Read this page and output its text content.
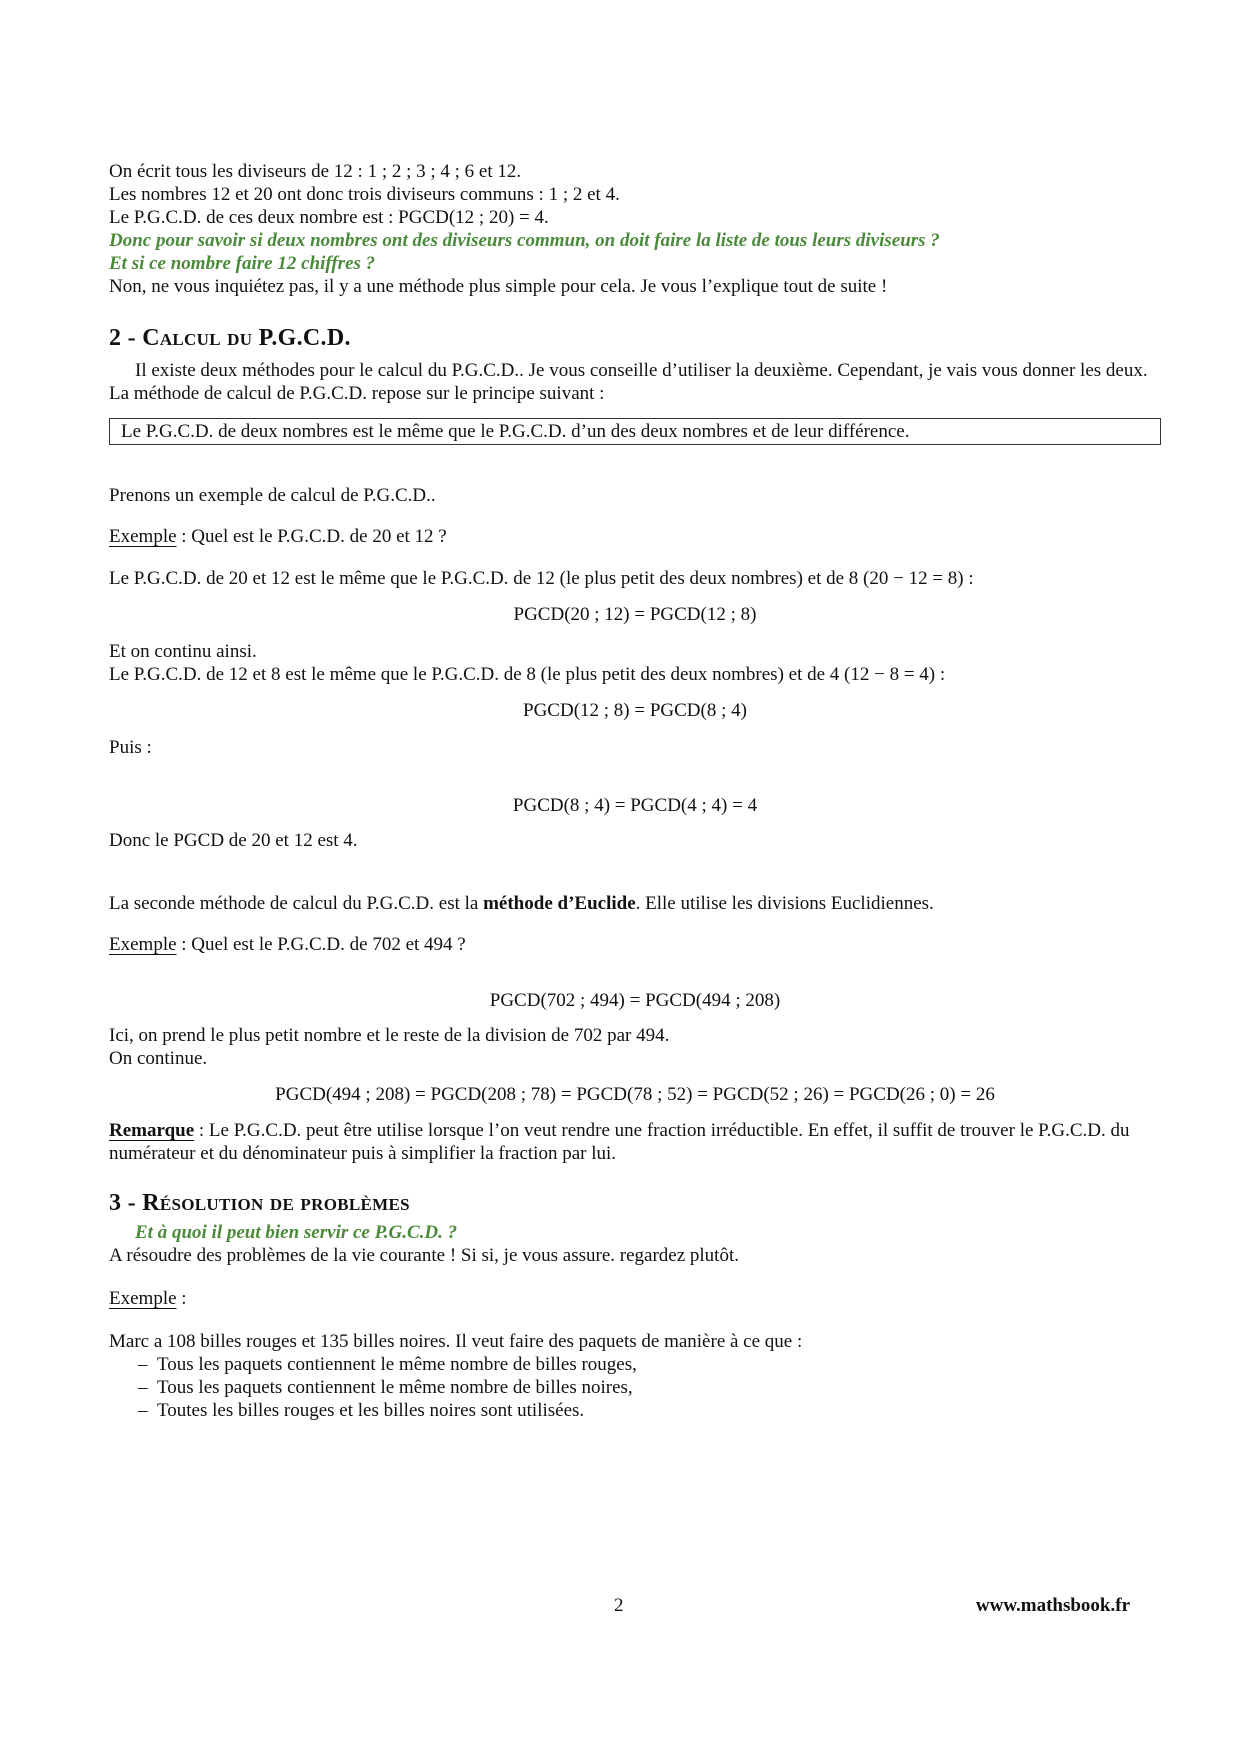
On écrit tous les diviseurs de 12 : 1 ; 2 ; 3 ; 4 ; 6 et 12.

Les nombres 12 et 20 ont donc trois diviseurs communs : 1 ; 2 et 4.

Le P.G.C.D. de ces deux nombre est : PGCD(12 ; 20) = 4.

Donc pour savoir si deux nombres ont des diviseurs commun, on doit faire la liste de tous leurs diviseurs ?

Et si ce nombre faire 12 chiffres ?

Non, ne vous inquiétez pas, il y a une méthode plus simple pour cela. Je vous l’explique tout de suite !

2 - Calcul du P.G.C.D.

Il existe deux méthodes pour le calcul du P.G.C.D.. Je vous conseille d’utiliser la deuxième. Cependant, je vais vous donner les deux.

La méthode de calcul de P.G.C.D. repose sur le principe suivant :

Le P.G.C.D. de deux nombres est le même que le P.G.C.D. d’un des deux nombres et de leur différence.

Prenons un exemple de calcul de P.G.C.D..

Exemple : Quel est le P.G.C.D. de 20 et 12 ?

Le P.G.C.D. de 20 et 12 est le même que le P.G.C.D. de 12 (le plus petit des deux nombres) et de 8 (20 − 12 = 8) :

PGCD(20 ; 12) = PGCD(12 ; 8)

Et on continu ainsi.

Le P.G.C.D. de 12 et 8 est le même que le P.G.C.D. de 8 (le plus petit des deux nombres) et de 4 (12 − 8 = 4) :

PGCD(12 ; 8) = PGCD(8 ; 4)

Puis :

PGCD(8 ; 4) = PGCD(4 ; 4) = 4

Donc le PGCD de 20 et 12 est 4.

La seconde méthode de calcul du P.G.C.D. est la méthode d’Euclide. Elle utilise les divisions Euclidiennes.

Exemple : Quel est le P.G.C.D. de 702 et 494 ?

PGCD(702 ; 494) = PGCD(494 ; 208)

Ici, on prend le plus petit nombre et le reste de la division de 702 par 494.

On continue.

PGCD(494 ; 208) = PGCD(208 ; 78) = PGCD(78 ; 52) = PGCD(52 ; 26) = PGCD(26 ; 0) = 26

Remarque : Le P.G.C.D. peut être utilise lorsque l’on veut rendre une fraction irréductible. En effet, il suffit de trouver le P.G.C.D. du numérateur et du dénominateur puis à simplifier la fraction par lui.

3 - Résolution de problèmes

Et à quoi il peut bien servir ce P.G.C.D. ?

A résoudre des problèmes de la vie courante ! Si si, je vous assure. regardez plutôt.

Exemple :

Marc a 108 billes rouges et 135 billes noires. Il veut faire des paquets de manière à ce que :

–  Tous les paquets contiennent le même nombre de billes rouges,
–  Tous les paquets contiennent le même nombre de billes noires,
–  Toutes les billes rouges et les billes noires sont utilisées.
2	www.mathsbook.fr
